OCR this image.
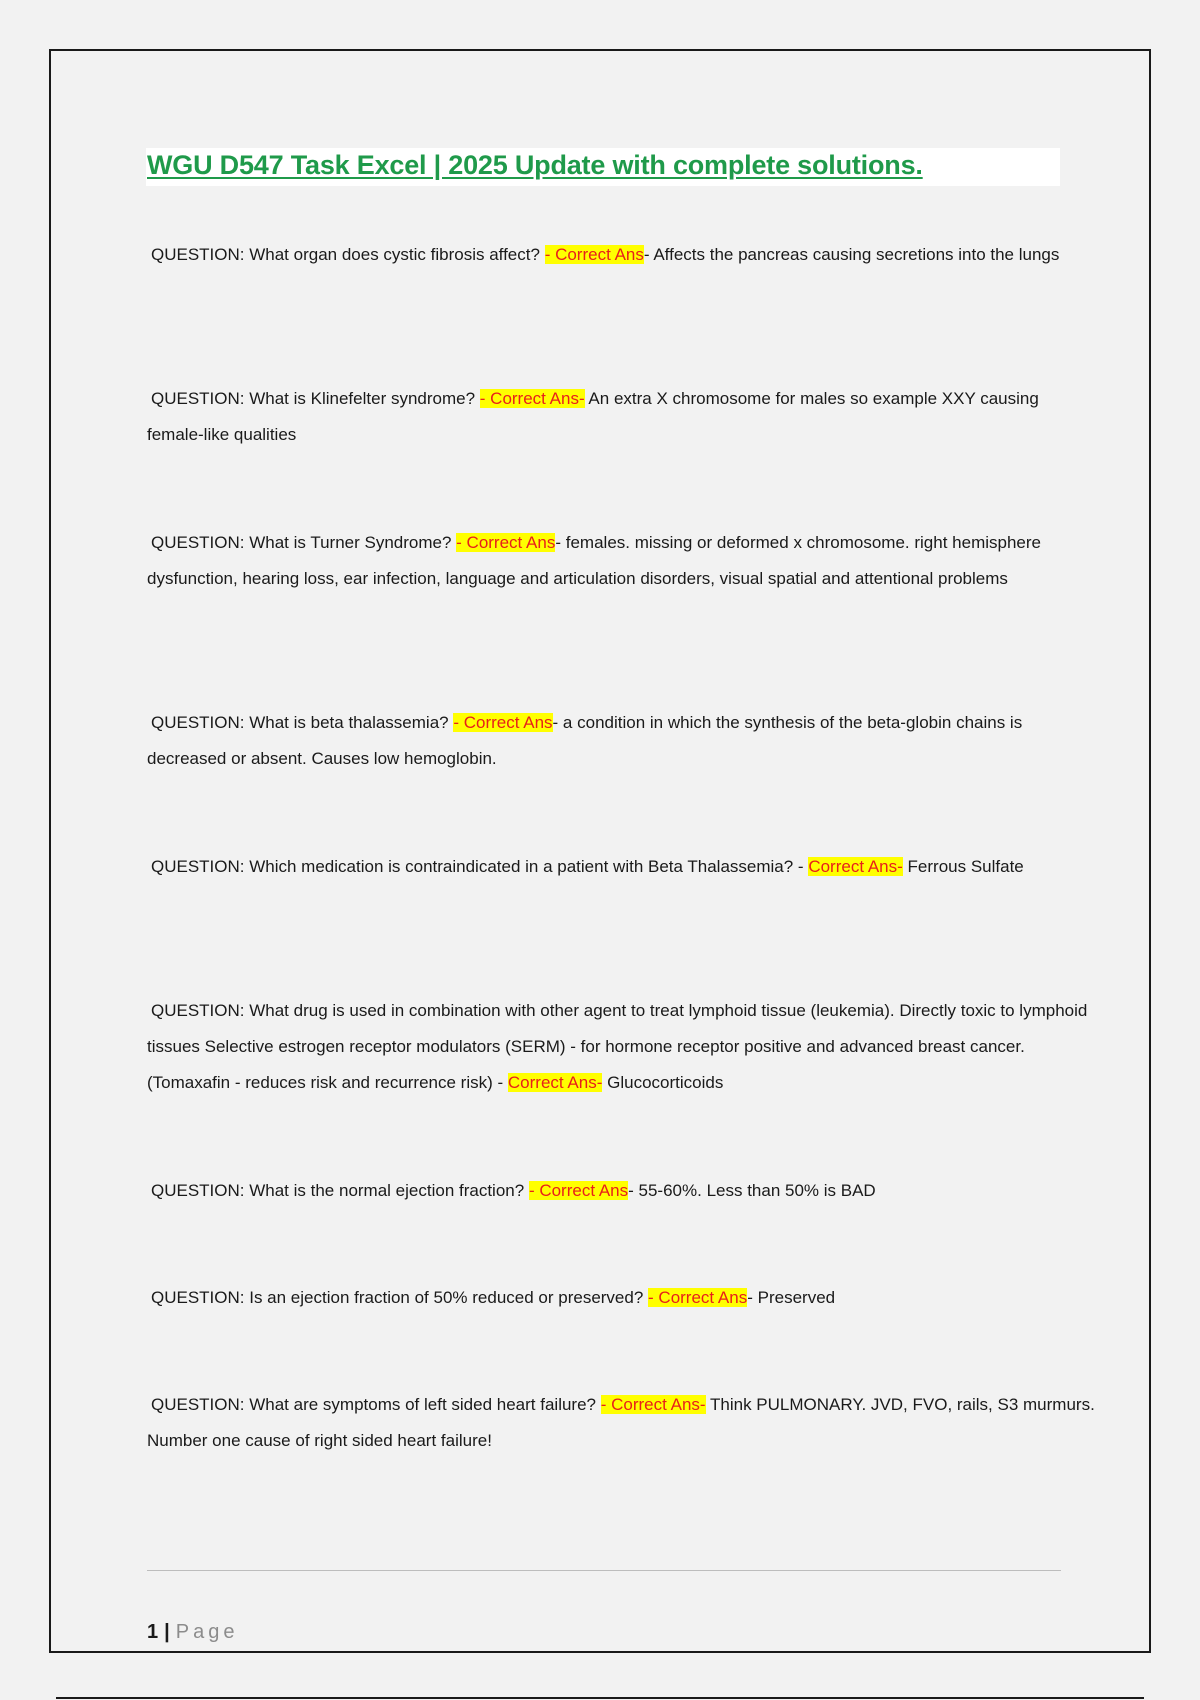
WGU D547 Task Excel | 2025 Update with complete solutions.

QUESTION: What organ does cystic fibrosis affect? - Correct Ans- Affects the pancreas causing secretions into the lungs

QUESTION: What is Klinefelter syndrome? - Correct Ans- An extra X chromosome for males so example XXY causing female-like qualities

QUESTION: What is Turner Syndrome? - Correct Ans- females. missing or deformed x chromosome. right hemisphere dysfunction, hearing loss, ear infection, language and articulation disorders, visual spatial and attentional problems

QUESTION: What is beta thalassemia? - Correct Ans- a condition in which the synthesis of the beta-globin chains is decreased or absent. Causes low hemoglobin.

QUESTION: Which medication is contraindicated in a patient with Beta Thalassemia? - Correct Ans- Ferrous Sulfate

QUESTION: What drug is used in combination with other agent to treat lymphoid tissue (leukemia). Directly toxic to lymphoid tissues Selective estrogen receptor modulators (SERM) - for hormone receptor positive and advanced breast cancer. (Tomaxafin - reduces risk and recurrence risk) - Correct Ans- Glucocorticoids

QUESTION: What is the normal ejection fraction? - Correct Ans- 55-60%. Less than 50% is BAD

QUESTION: Is an ejection fraction of 50% reduced or preserved? - Correct Ans- Preserved

QUESTION: What are symptoms of left sided heart failure? - Correct Ans- Think PULMONARY. JVD, FVO, rails, S3 murmurs. Number one cause of right sided heart failure!

1 | Page
